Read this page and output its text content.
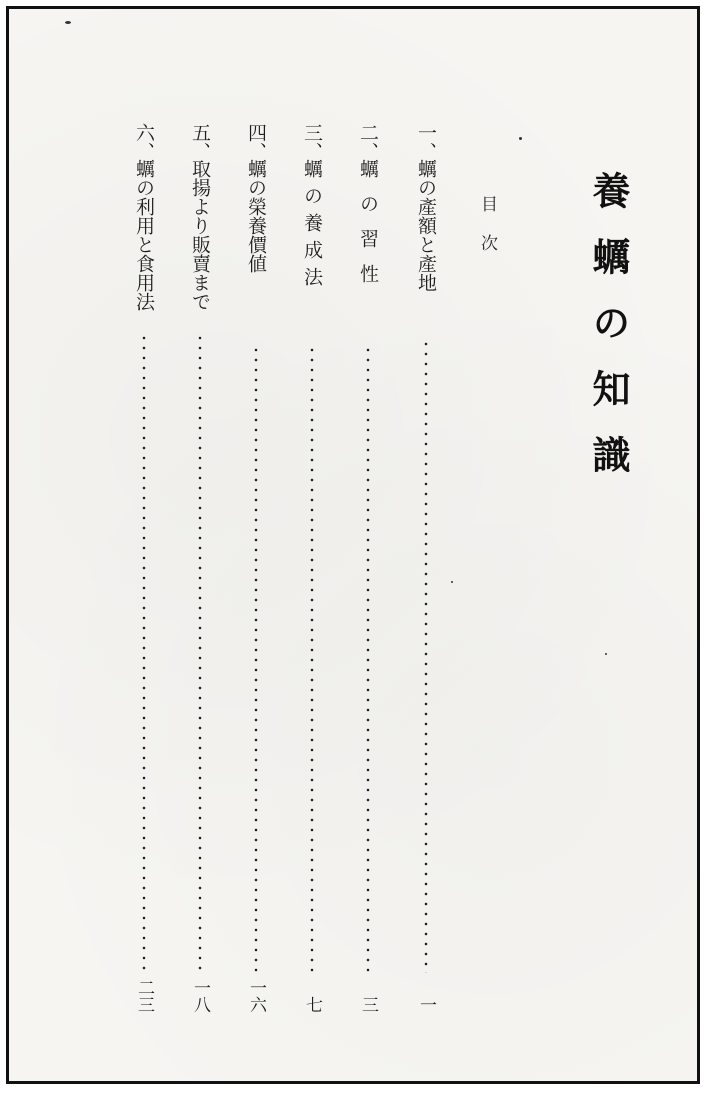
養蠣の知識
目次
一、
蠣の產額と產地
一
二、
蠣の習性
三
三、
蠣の養成法
七
四、
蠣の榮養價値
一六
五、
取揚より販賣まで
一八
六、
蠣の利用と食用法
二三
